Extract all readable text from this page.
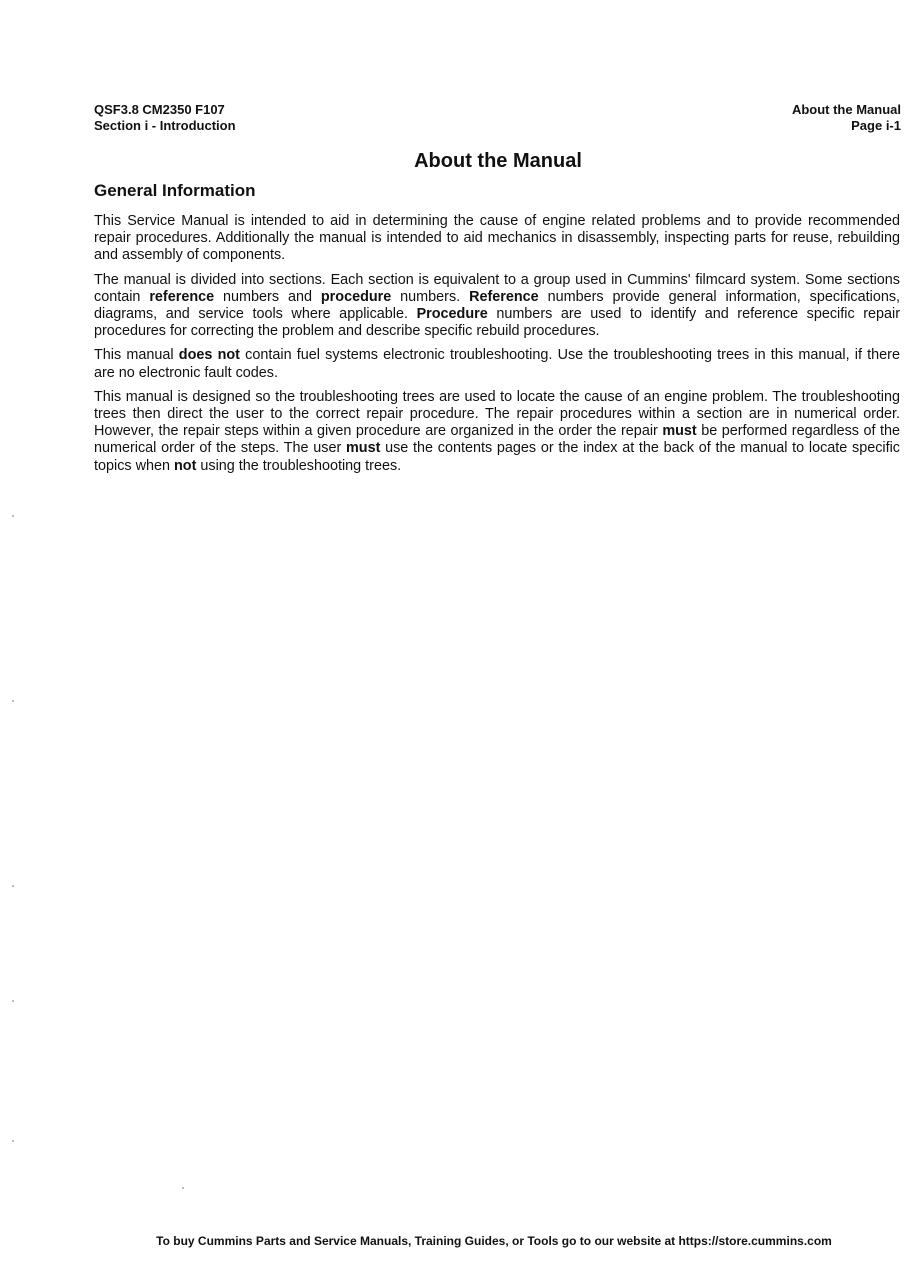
QSF3.8 CM2350 F107
Section i - Introduction
About the Manual
Page i-1
About the Manual
General Information

This Service Manual is intended to aid in determining the cause of engine related problems and to provide recommended repair procedures. Additionally the manual is intended to aid mechanics in disassembly, inspecting parts for reuse, rebuilding and assembly of components.

The manual is divided into sections. Each section is equivalent to a group used in Cummins' filmcard system. Some sections contain reference numbers and procedure numbers. Reference numbers provide general information, specifications, diagrams, and service tools where applicable. Procedure numbers are used to identify and reference specific repair procedures for correcting the problem and describe specific rebuild procedures.

This manual does not contain fuel systems electronic troubleshooting. Use the troubleshooting trees in this manual, if there are no electronic fault codes.

This manual is designed so the troubleshooting trees are used to locate the cause of an engine problem. The troubleshooting trees then direct the user to the correct repair procedure. The repair procedures within a section are in numerical order. However, the repair steps within a given procedure are organized in the order the repair must be performed regardless of the numerical order of the steps. The user must use the contents pages or the index at the back of the manual to locate specific topics when not using the troubleshooting trees.

To buy Cummins Parts and Service Manuals, Training Guides, or Tools go to our website at https://store.cummins.com
